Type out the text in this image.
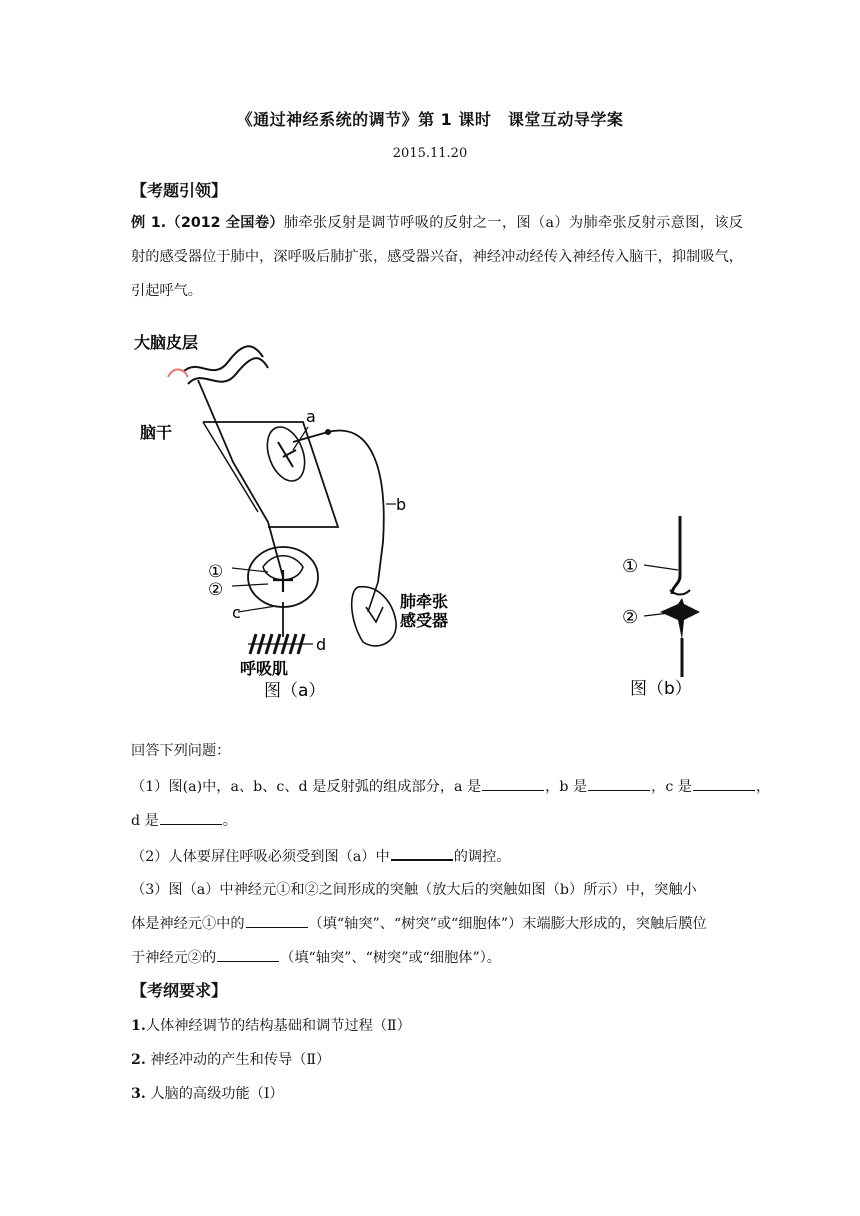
《通过神经系统的调节》第 1 课时　课堂互动导学案
2015.11.20
【考题引领】
例 1.（2012 全国卷）肺牵张反射是调节呼吸的反射之一，图（a）为肺牵张反射示意图，该反射的感受器位于肺中，深呼吸后肺扩张，感受器兴奋，神经冲动经传入神经传入脑干，抑制吸气，引起呼气。
大脑皮层
脑干
a
b
①
②
c
d
肺牵张
感受器
呼吸肌
图（a）
①
②
图（b）
回答下列问题：
（1）图(a)中，a、b、c、d 是反射弧的组成部分，a 是	，b 是	，c 是	，
d 是	。
（2）人体要屏住呼吸必须受到图（a）中	的调控。
（3）图（a）中神经元①和②之间形成的突触（放大后的突触如图（b）所示）中，突触小
体是神经元①中的	（填“轴突”、“树突”或“细胞体”）末端膨大形成的，突触后膜位
于神经元②的	（填“轴突”、“树突”或“细胞体”）。
【考纲要求】
1.人体神经调节的结构基础和调节过程（Ⅱ）
2. 神经冲动的产生和传导（Ⅱ）
3. 人脑的高级功能（Ⅰ）
